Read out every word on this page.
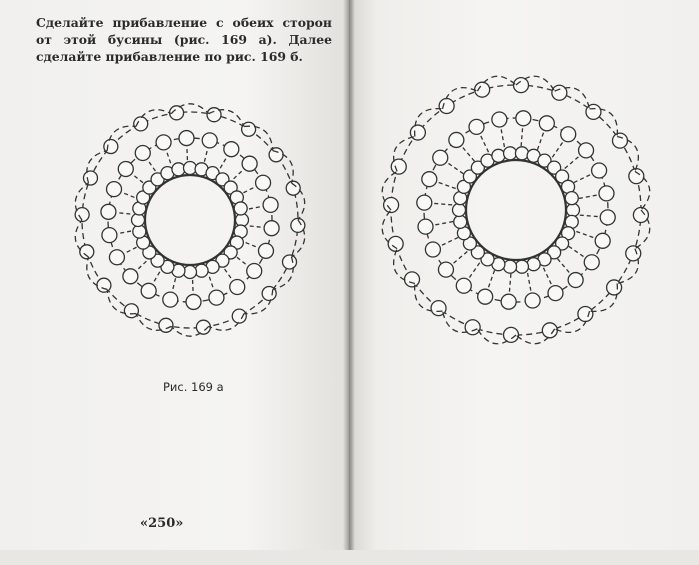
Сделайте прибавление с обеих сторон от этой бусины (рис. 169 а). Далее сделайте прибавление по рис. 169 б.

Рис. 169 а
«250»
